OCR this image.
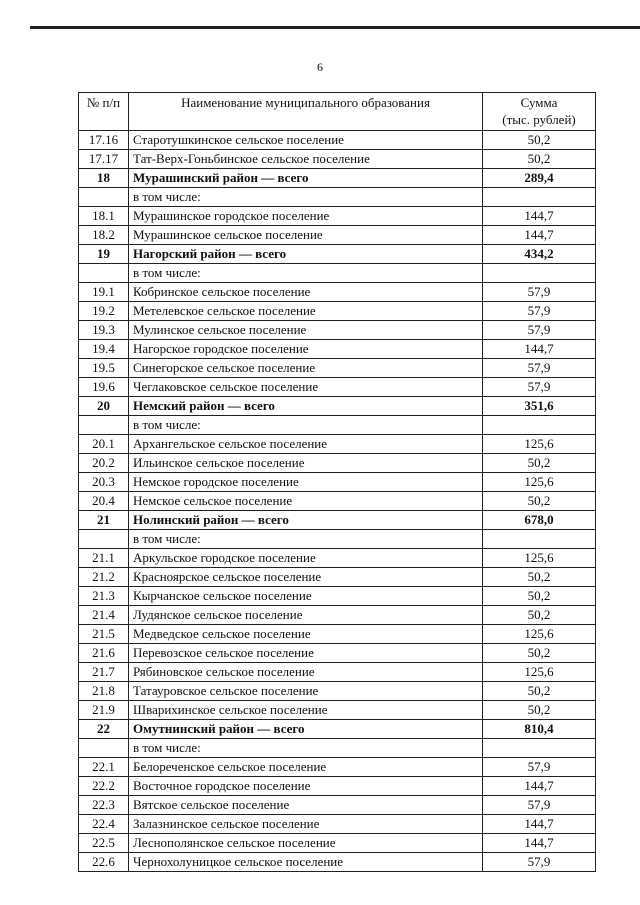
6
№ п/п	Наименование муниципального образования	Сумма
(тыс. рублей)
17.16	Старотушкинское сельское поселение	50,2
17.17	Тат-Верх-Гоньбинское сельское поселение	50,2
18	Мурашинский район — всего	289,4
	в том числе:	
18.1	Мурашинское городское поселение	144,7
18.2	Мурашинское сельское поселение	144,7
19	Нагорский район — всего	434,2
	в том числе:	
19.1	Кобринское сельское поселение	57,9
19.2	Метелевское сельское поселение	57,9
19.3	Мулинское сельское поселение	57,9
19.4	Нагорское городское поселение	144,7
19.5	Синегорское сельское поселение	57,9
19.6	Чеглаковское сельское поселение	57,9
20	Немский район — всего	351,6
	в том числе:	
20.1	Архангельское сельское поселение	125,6
20.2	Ильинское сельское поселение	50,2
20.3	Немское городское поселение	125,6
20.4	Немское сельское поселение	50,2
21	Нолинский район — всего	678,0
	в том числе:	
21.1	Аркульское городское поселение	125,6
21.2	Красноярское сельское поселение	50,2
21.3	Кырчанское сельское поселение	50,2
21.4	Лудянское сельское поселение	50,2
21.5	Медведское сельское поселение	125,6
21.6	Перевозское сельское поселение	50,2
21.7	Рябиновское сельское поселение	125,6
21.8	Татауровское сельское поселение	50,2
21.9	Шварихинское сельское поселение	50,2
22	Омутнинский район — всего	810,4
	в том числе:	
22.1	Белореченское сельское поселение	57,9
22.2	Восточное городское поселение	144,7
22.3	Вятское сельское поселение	57,9
22.4	Залазнинское сельское поселение	144,7
22.5	Леснополянское сельское поселение	144,7
22.6	Чернохолуницкое сельское поселение	57,9
